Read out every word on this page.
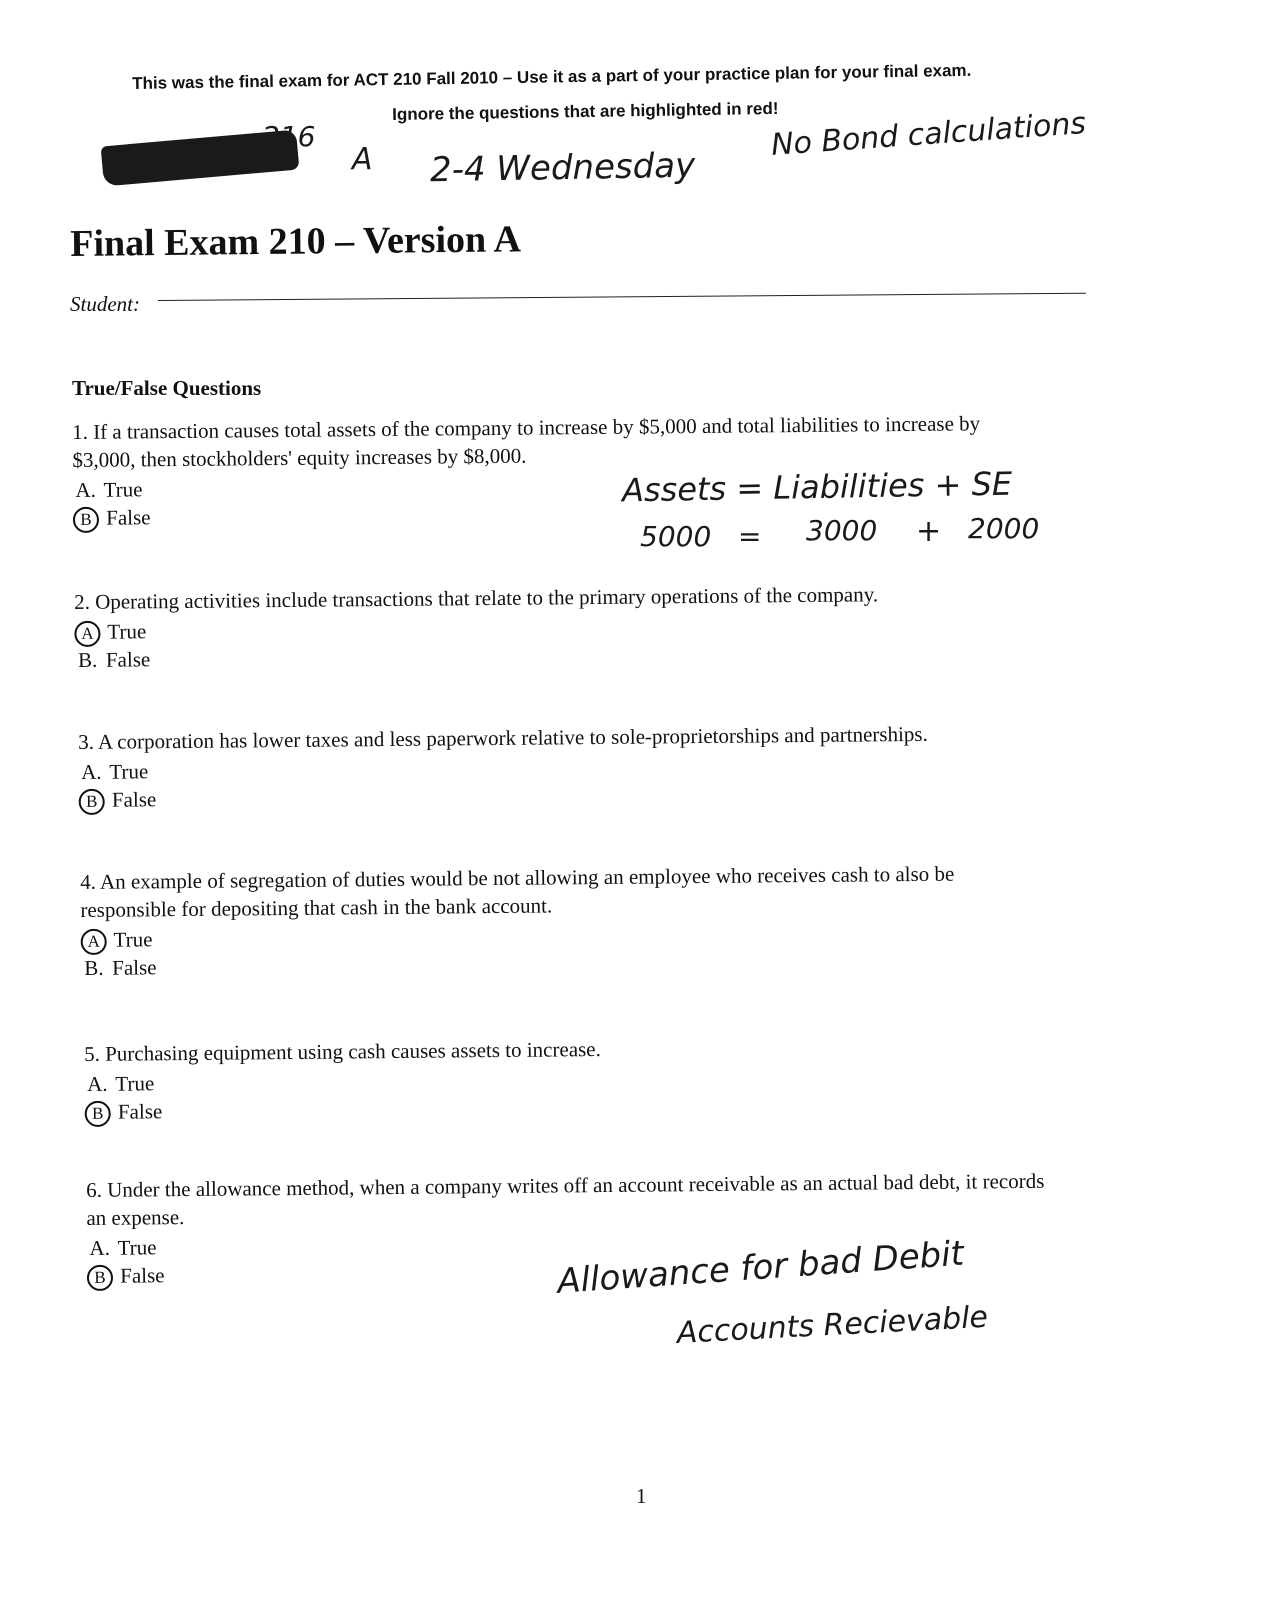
This was the final exam for ACT 210 Fall 2010 – Use it as a part of your practice plan for your final exam.
Ignore the questions that are highlighted in red!
216
A 2-4 Wednesday
No Bond calculations
Final Exam 210 – Version A
Student:
True/False Questions
1. If a transaction causes total assets of the company to increase by $5,000 and total liabilities to increase by
$3,000, then stockholders' equity increases by $8,000.
A. True
B False
Assets = Liabilities + SE
5000 = 3000 + 2000
2. Operating activities include transactions that relate to the primary operations of the company.
A True
B. False
3. A corporation has lower taxes and less paperwork relative to sole-proprietorships and partnerships.
A. True
B False
4. An example of segregation of duties would be not allowing an employee who receives cash to also be
responsible for depositing that cash in the bank account.
A True
B. False
5. Purchasing equipment using cash causes assets to increase.
A. True
B False
6. Under the allowance method, when a company writes off an account receivable as an actual bad debt, it records
an expense.
A. True
B False	Allowance for bad Debit
Accounts Recievable
1
